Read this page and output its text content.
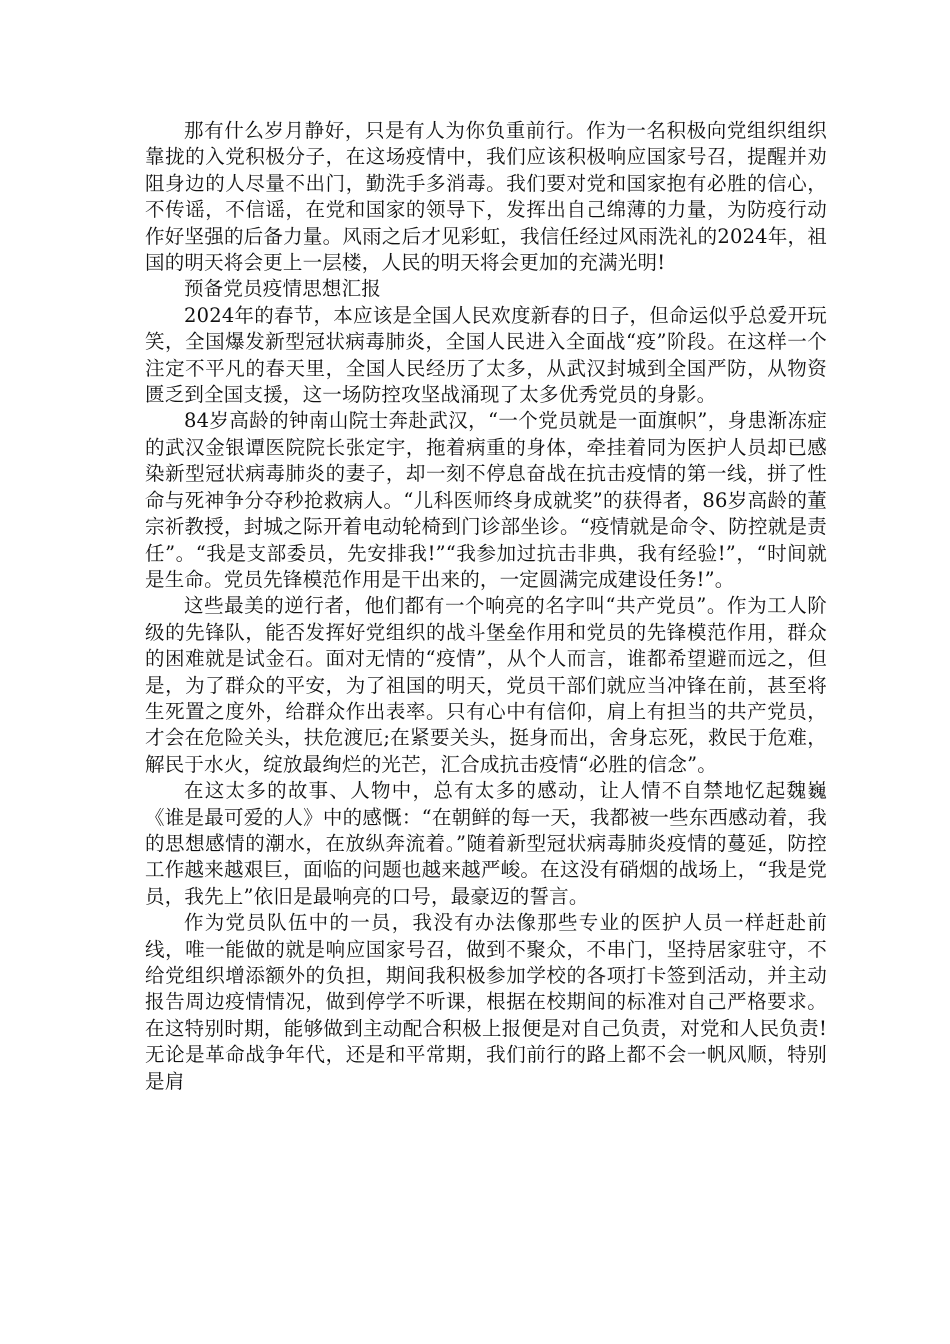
那有什么岁月静好，只是有人为你负重前行。作为一名积极向党组织组织靠拢的入党积极分子，在这场疫情中，我们应该积极响应国家号召，提醒并劝阻身边的人尽量不出门，勤洗手多消毒。我们要对党和国家抱有必胜的信心，不传谣，不信谣，在党和国家的领导下，发挥出自己绵薄的力量，为防疫行动作好坚强的后备力量。风雨之后才见彩虹，我信任经过风雨洗礼的2024年，祖国的明天将会更上一层楼，人民的明天将会更加的充满光明!

预备党员疫情思想汇报

2024年的春节，本应该是全国人民欢度新春的日子，但命运似乎总爱开玩笑，全国爆发新型冠状病毒肺炎，全国人民进入全面战“疫”阶段。在这样一个注定不平凡的春天里，全国人民经历了太多，从武汉封城到全国严防，从物资匮乏到全国支援，这一场防控攻坚战涌现了太多优秀党员的身影。

84岁高龄的钟南山院士奔赴武汉，“一个党员就是一面旗帜”，身患渐冻症的武汉金银谭医院院长张定宇，拖着病重的身体，牵挂着同为医护人员却已感染新型冠状病毒肺炎的妻子，却一刻不停息奋战在抗击疫情的第一线，拼了性命与死神争分夺秒抢救病人。“儿科医师终身成就奖”的获得者，86岁高龄的董宗祈教授，封城之际开着电动轮椅到门诊部坐诊。“疫情就是命令、防控就是责任”。“我是支部委员，先安排我!”“我参加过抗击非典，我有经验!”，“时间就是生命。党员先锋模范作用是干出来的，一定圆满完成建设任务!”。

这些最美的逆行者，他们都有一个响亮的名字叫“共产党员”。作为工人阶级的先锋队，能否发挥好党组织的战斗堡垒作用和党员的先锋模范作用，群众的困难就是试金石。面对无情的“疫情”，从个人而言，谁都希望避而远之，但是，为了群众的平安，为了祖国的明天，党员干部们就应当冲锋在前，甚至将生死置之度外，给群众作出表率。只有心中有信仰，肩上有担当的共产党员，才会在危险关头，扶危渡厄;在紧要关头，挺身而出，舍身忘死，救民于危难，解民于水火，绽放最绚烂的光芒，汇合成抗击疫情“必胜的信念”。

在这太多的故事、人物中，总有太多的感动，让人情不自禁地忆起魏巍《谁是最可爱的人》中的感慨：“在朝鲜的每一天，我都被一些东西感动着，我的思想感情的潮水，在放纵奔流着。”随着新型冠状病毒肺炎疫情的蔓延，防控工作越来越艰巨，面临的问题也越来越严峻。在这没有硝烟的战场上，“我是党员，我先上”依旧是最响亮的口号，最豪迈的誓言。

作为党员队伍中的一员，我没有办法像那些专业的医护人员一样赶赴前线，唯一能做的就是响应国家号召，做到不聚众，不串门，坚持居家驻守，不给党组织增添额外的负担，期间我积极参加学校的各项打卡签到活动，并主动报告周边疫情情况，做到停学不听课，根据在校期间的标准对自己严格要求。在这特别时期，能够做到主动配合积极上报便是对自己负责，对党和人民负责!无论是革命战争年代，还是和平常期，我们前行的路上都不会一帆风顺，特别是肩
